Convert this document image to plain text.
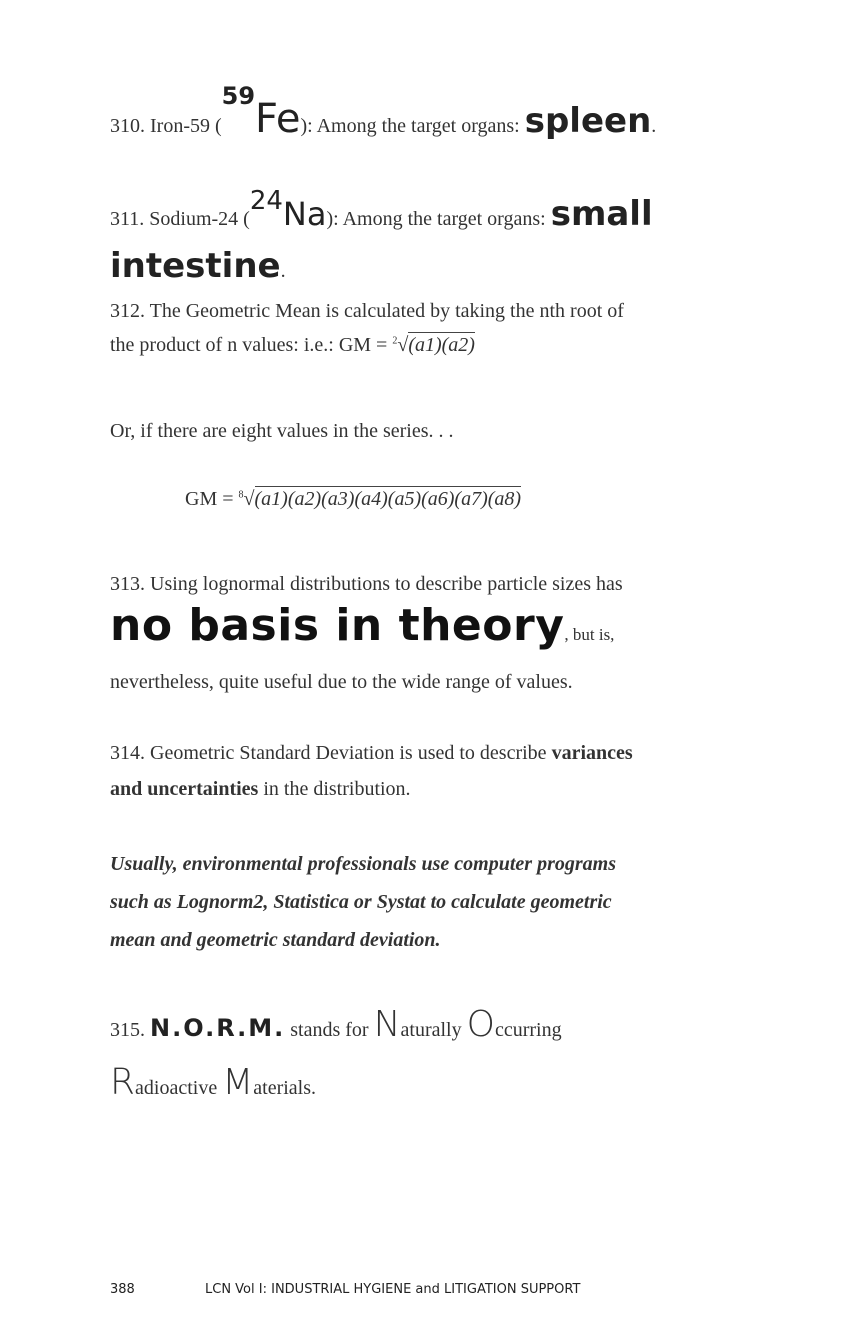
310. Iron-59 (59Fe): Among the target organs: spleen.
311. Sodium-24 (24Na): Among the target organs: small
intestine.
312. The Geometric Mean is calculated by taking the nth root of
the product of n values: i.e.: GM = $^2$√(a1)(a2)
Or, if there are eight values in the series. . .
GM = $^8$√(a1)(a2)(a3)(a4)(a5)(a6)(a7)(a8)
313. Using lognormal distributions to describe particle sizes has
no basis in theory, but is,
nevertheless, quite useful due to the wide range of values.
314. Geometric Standard Deviation is used to describe variances
and uncertainties in the distribution.
Usually, environmental professionals use computer programs
such as Lognorm2, Statistica or Systat to calculate geometric
mean and geometric standard deviation.
315. N.O.R.M. stands for Naturally Occurring
Radioactive Materials.
388	LCN Vol I: INDUSTRIAL HYGIENE and LITIGATION SUPPORT
